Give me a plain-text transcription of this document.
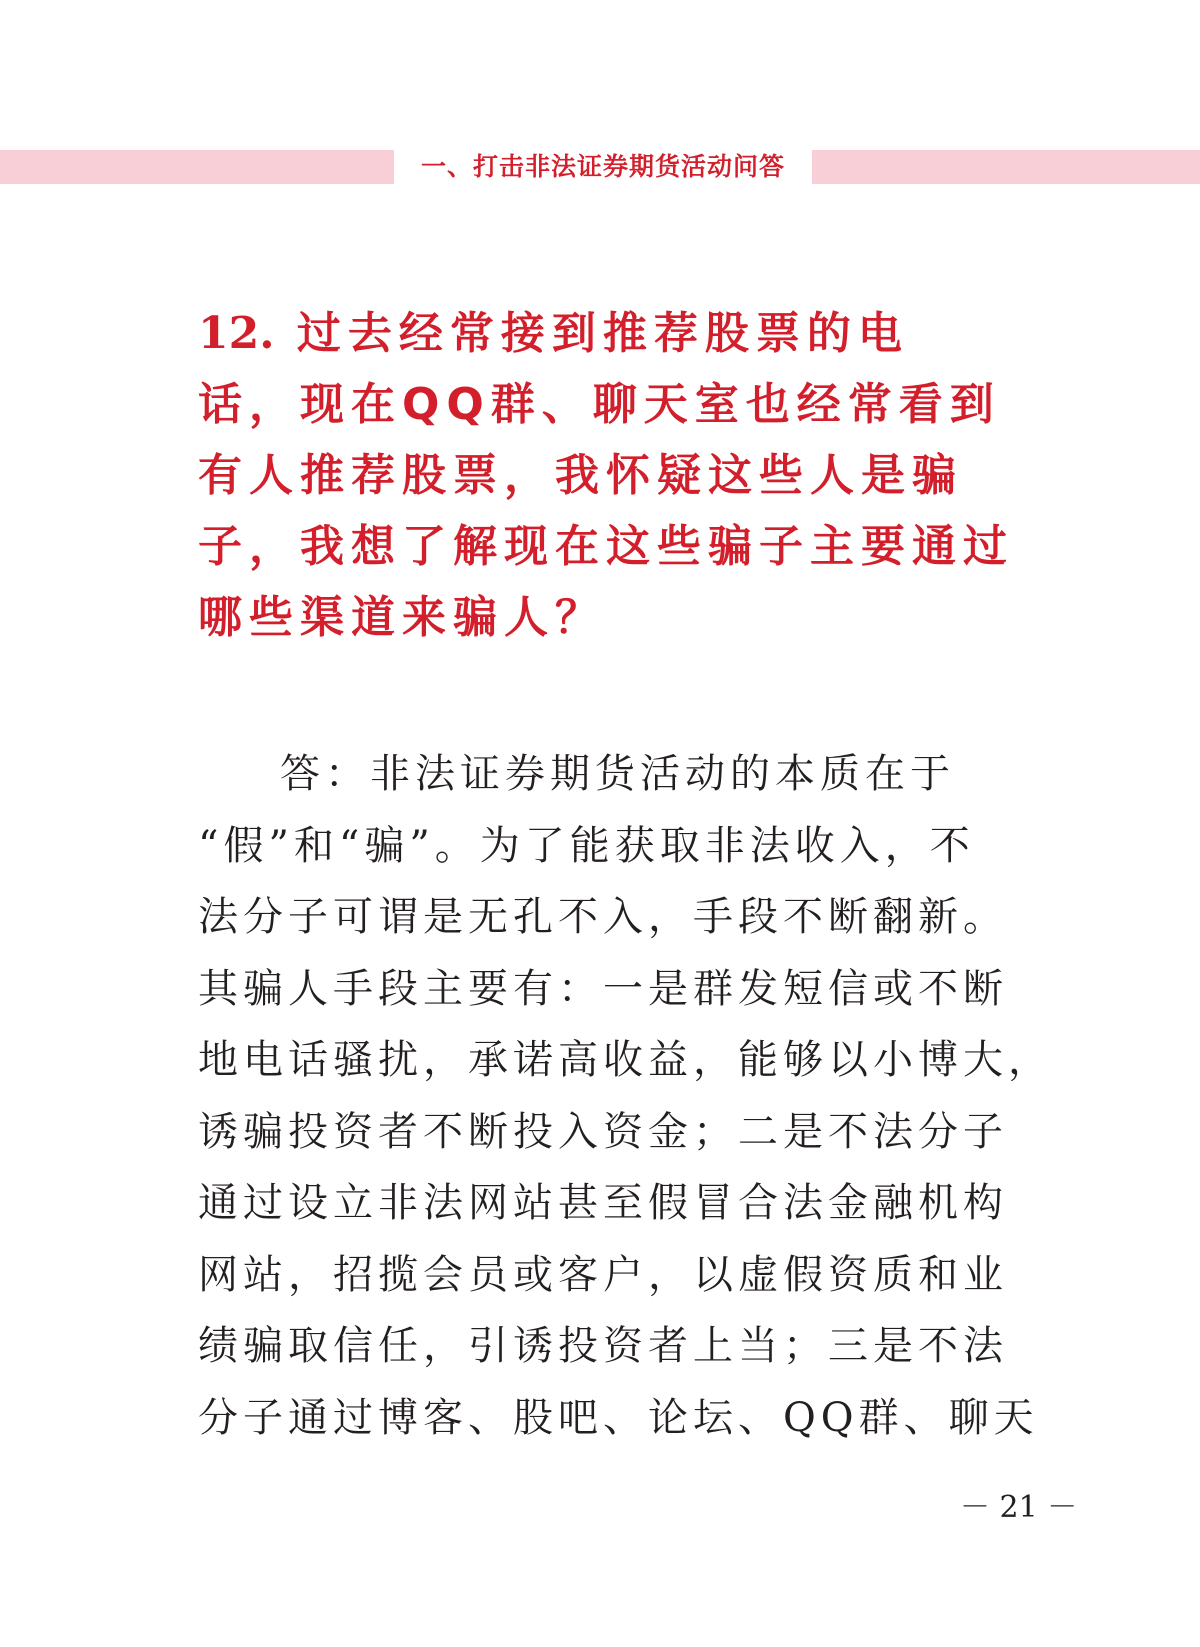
一、打击非法证券期货活动问答
12. 过去经常接到推荐股票的电
话，现在QQ群、聊天室也经常看到
有人推荐股票，我怀疑这些人是骗
子，我想了解现在这些骗子主要通过
哪些渠道来骗人？
答：非法证券期货活动的本质在于
“假”和“骗”。为了能获取非法收入，不
法分子可谓是无孔不入，手段不断翻新。
其骗人手段主要有：一是群发短信或不断
地电话骚扰，承诺高收益，能够以小博大，
诱骗投资者不断投入资金；二是不法分子
通过设立非法网站甚至假冒合法金融机构
网站，招揽会员或客户，以虚假资质和业
绩骗取信任，引诱投资者上当；三是不法
分子通过博客、股吧、论坛、QQ群、聊天
－ 21 －
